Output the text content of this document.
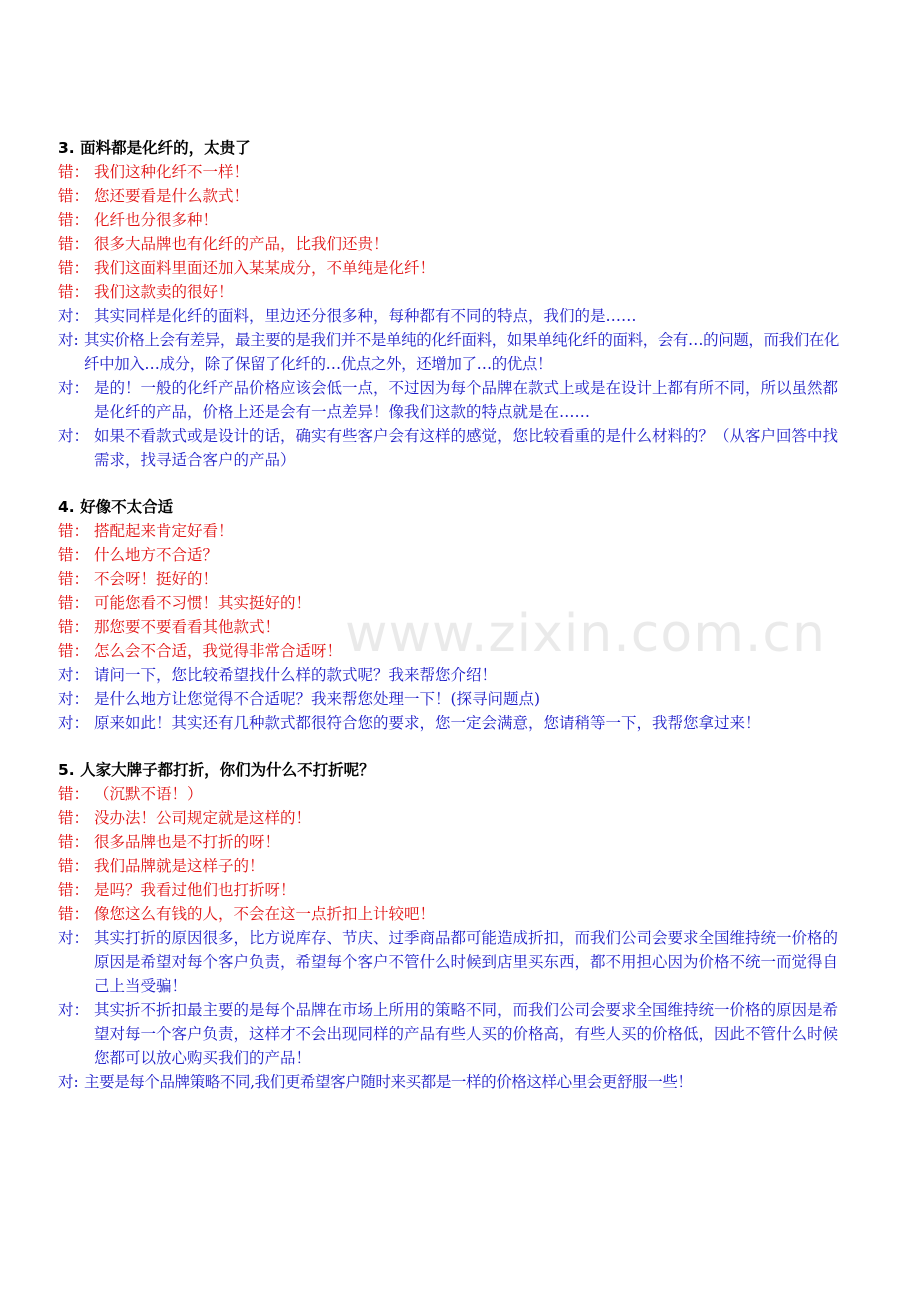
3. 面料都是化纤的，太贵了
错： 我们这种化纤不一样！
错： 您还要看是什么款式！
错： 化纤也分很多种！
错： 很多大品牌也有化纤的产品，比我们还贵！
错： 我们这面料里面还加入某某成分，不单纯是化纤！
错： 我们这款卖的很好！
对： 其实同样是化纤的面料，里边还分很多种，每种都有不同的特点，我们的是……
对: 其实价格上会有差异，最主要的是我们并不是单纯的化纤面料，如果单纯化纤的面料，会有…的问题，而我们在化纤中加入…成分，除了保留了化纤的…优点之外，还增加了…的优点！
对： 是的！一般的化纤产品价格应该会低一点，不过因为每个品牌在款式上或是在设计上都有所不同，所以虽然都是化纤的产品，价格上还是会有一点差异！像我们这款的特点就是在……
对： 如果不看款式或是设计的话，确实有些客户会有这样的感觉，您比较看重的是什么材料的？（从客户回答中找需求，找寻适合客户的产品）
4. 好像不太合适
错： 搭配起来肯定好看！
错： 什么地方不合适？
错： 不会呀！挺好的！
错： 可能您看不习惯！其实挺好的！
错： 那您要不要看看其他款式！
错： 怎么会不合适，我觉得非常合适呀！
对： 请问一下，您比较希望找什么样的款式呢？我来帮您介绍！
对： 是什么地方让您觉得不合适呢？我来帮您处理一下！(探寻问题点)
对： 原来如此！其实还有几种款式都很符合您的要求，您一定会满意，您请稍等一下，我帮您拿过来！
5. 人家大牌子都打折，你们为什么不打折呢？
错： （沉默不语！）
错： 没办法！公司规定就是这样的！
错： 很多品牌也是不打折的呀！
错： 我们品牌就是这样子的！
错： 是吗？我看过他们也打折呀！
错： 像您这么有钱的人，不会在这一点折扣上计较吧！
对： 其实打折的原因很多，比方说库存、节庆、过季商品都可能造成折扣，而我们公司会要求全国维持统一价格的原因是希望对每个客户负责，希望每个客户不管什么时候到店里买东西，都不用担心因为价格不统一而觉得自己上当受骗！
对： 其实折不折扣最主要的是每个品牌在市场上所用的策略不同，而我们公司会要求全国维持统一价格的原因是希望对每一个客户负责，这样才不会出现同样的产品有些人买的价格高，有些人买的价格低，因此不管什么时候您都可以放心购买我们的产品！
对: 主要是每个品牌策略不同,我们更希望客户随时来买都是一样的价格这样心里会更舒服一些！
www.zixin.com.cn
